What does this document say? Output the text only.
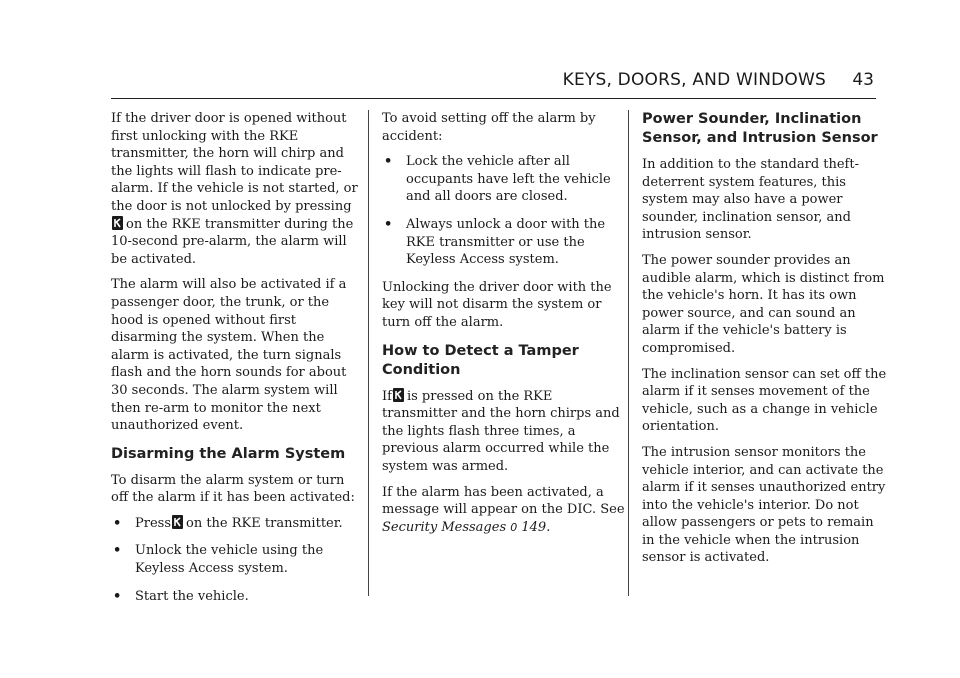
KEYS, DOORS, AND WINDOWS 43

If the driver door is opened without first unlocking with the RKE transmitter, the horn will chirp and the lights will flash to indicate pre-alarm. If the vehicle is not started, or the door is not unlocked by pressingon the RKE transmitter during the 10-second pre-alarm, the alarm will be activated.

The alarm will also be activated if a passenger door, the trunk, or the hood is opened without first disarming the system. When the alarm is activated, the turn signals flash and the horn sounds for about 30 seconds. The alarm system will then re-arm to monitor the next unauthorized event.

Disarming the Alarm System

To disarm the alarm system or turn off the alarm if it has been activated:

• Press on the RKE transmitter.
• Unlock the vehicle using the Keyless Access system.
• Start the vehicle.

To avoid setting off the alarm by accident:

• Lock the vehicle after all occupants have left the vehicle and all doors are closed.
• Always unlock a door with the RKE transmitter or use the Keyless Access system.

Unlocking the driver door with the key will not disarm the system or turn off the alarm.

How to Detect a Tamper Condition

If is pressed on the RKE transmitter and the horn chirps and the lights flash three times, a previous alarm occurred while the system was armed.

If the alarm has been activated, a message will appear on the DIC. See Security Messages 0 149.

Power Sounder, Inclination Sensor, and Intrusion Sensor

In addition to the standard theft-deterrent system features, this system may also have a power sounder, inclination sensor, and intrusion sensor.

The power sounder provides an audible alarm, which is distinct from the vehicle's horn. It has its own power source, and can sound an alarm if the vehicle's battery is compromised.

The inclination sensor can set off the alarm if it senses movement of the vehicle, such as a change in vehicle orientation.

The intrusion sensor monitors the vehicle interior, and can activate the alarm if it senses unauthorized entry into the vehicle's interior. Do not allow passengers or pets to remain in the vehicle when the intrusion sensor is activated.
